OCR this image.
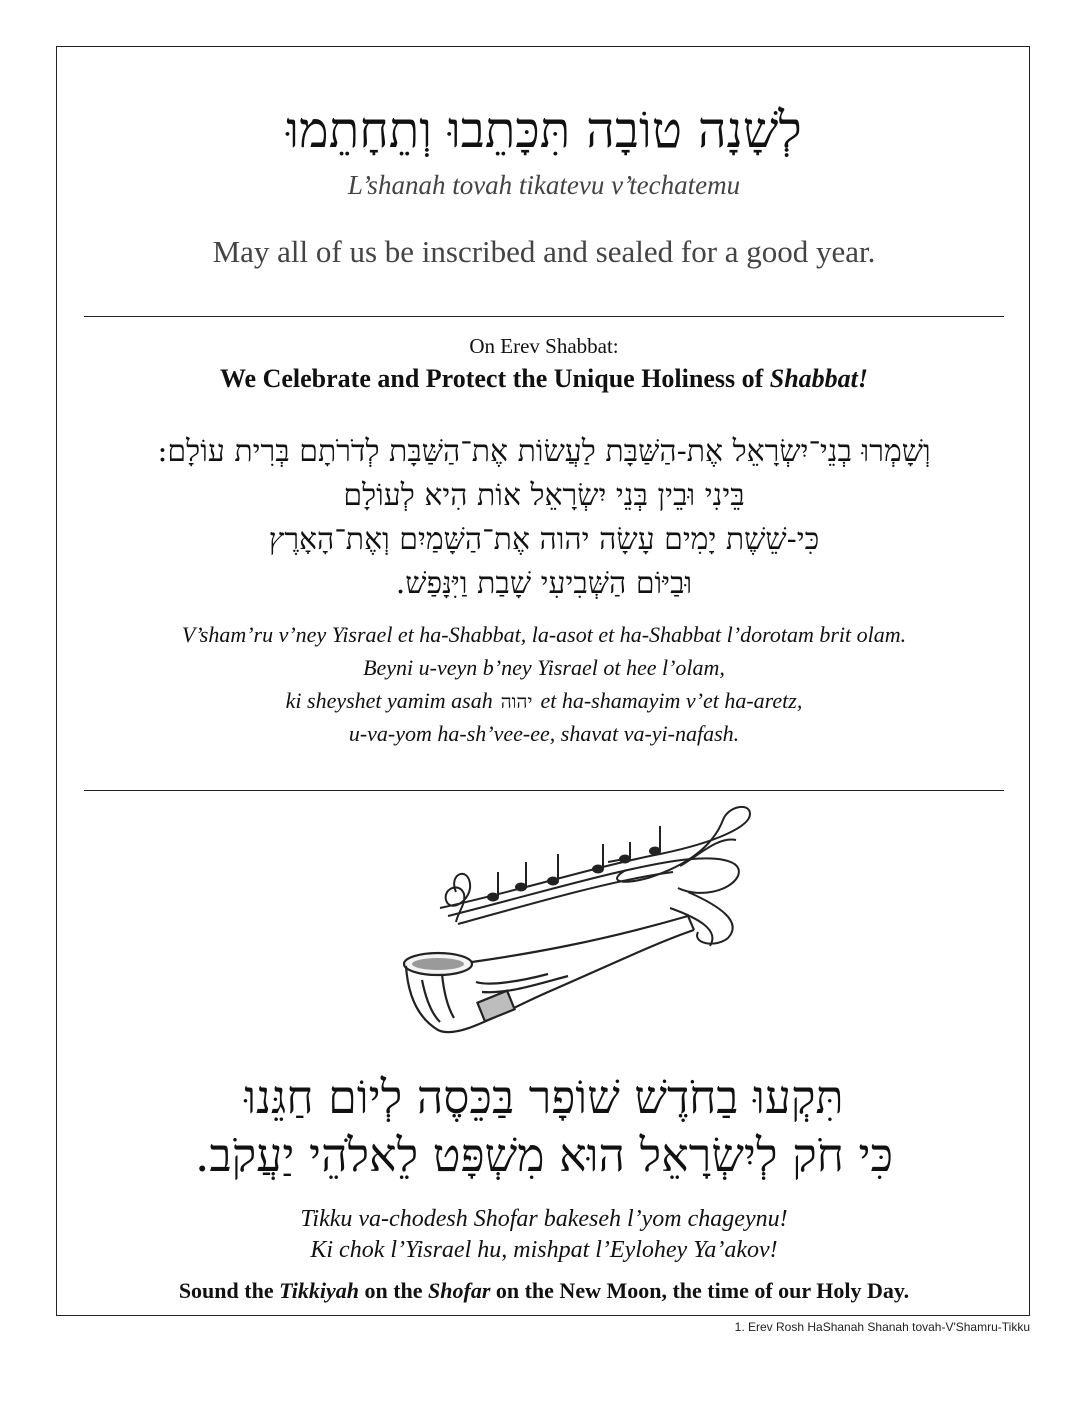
לְשָׁנָה טוֹבָה תִּכָּתֵבוּ וְתֵחָתֵמוּ
L’shanah tovah tikatevu v’techatemu
May all of us be inscribed and sealed for a good year.
On Erev Shabbat:
We Celebrate and Protect the Unique Holiness of Shabbat!
וְשָׁמְרוּ בְנֵי־יִשְׂרָאֵל אֶת-הַשַּׁבָּת לַעֲשׂוֹת אֶת־הַשַּׁבָּת לְדֹרֹתָם בְּרִית עוֹלָם:
בֵּינִי וּבֵין בְּנֵי יִשְׂרָאֵל אוֹת הִיא לְעוֹלָם
כִּי-שֵׁשֶׁת יָמִים עָשָׂה יהוה אֶת־הַשָּׁמַיִם וְאֶת־הָאָרֶץ
וּבַיּוֹם הַשְּׁבִיעִי שָׁבַת וַיִּנָּפַשׁ.
V’sham’ru v’ney Yisrael et ha-Shabbat, la-asot et ha-Shabbat l’dorotam brit olam.
Beyni u-veyn b’ney Yisrael ot hee l’olam,
ki sheyshet yamim asah יהוה et ha-shamayim v’et ha-aretz,
u-va-yom ha-sh’vee-ee, shavat va-yi-nafash.
תִּקְעוּ בַחֹדֶשׁ שׁוֹפָר בַּכֵּסֶה לְיוֹם חַגֵּנוּ
כִּי חֹק לְיִשְׂרָאֵל הוּא מִשְׁפָּט לֵאלֹהֵי יַעֲקֹב.
Tikku va-chodesh Shofar bakeseh l’yom chageynu!
Ki chok l’Yisrael hu, mishpat l’Eylohey Ya’akov!
Sound the Tikkiyah on the Shofar on the New Moon, the time of our Holy Day.
1. Erev Rosh HaShanah Shanah tovah-V'Shamru-Tikku
